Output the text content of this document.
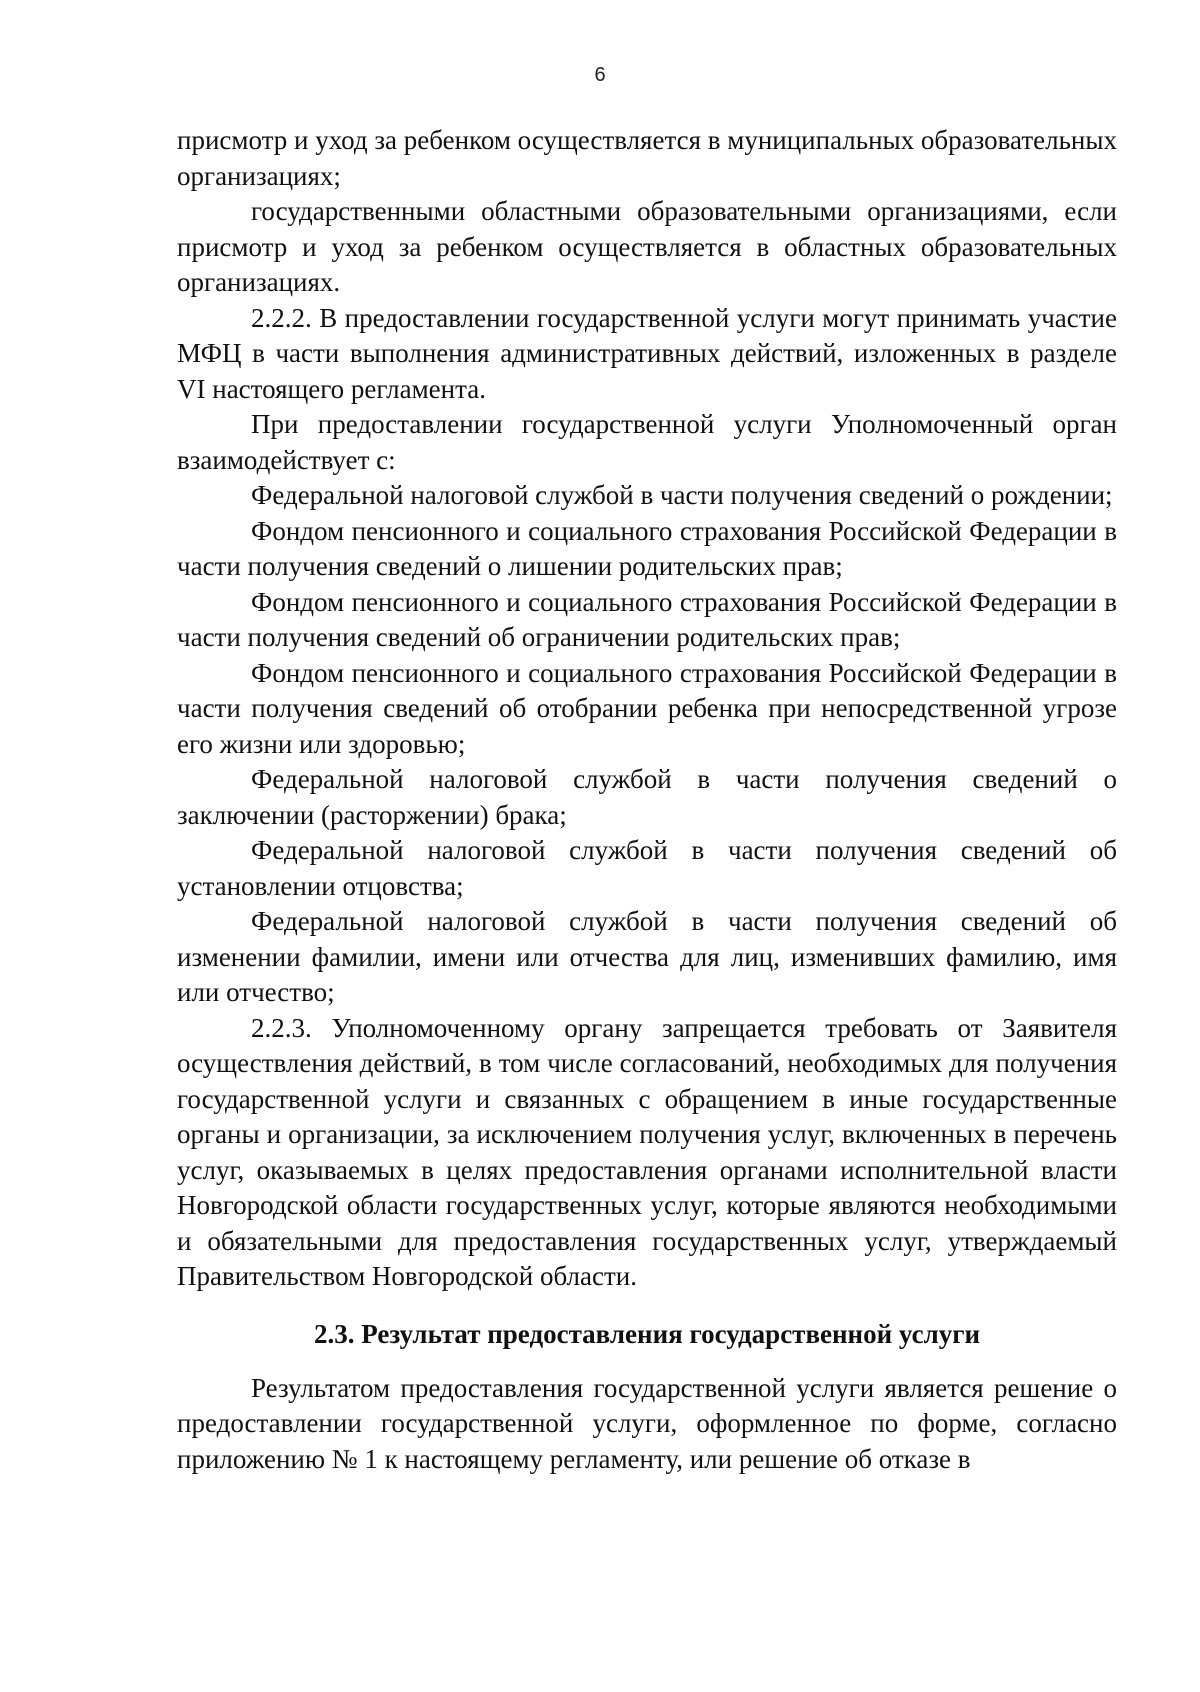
6

присмотр и уход за ребенком осуществляется в муниципальных образовательных организациях;

государственными областными образовательными организациями, если присмотр и уход за ребенком осуществляется в областных образовательных организациях.

2.2.2. В предоставлении государственной услуги могут принимать участие МФЦ в части выполнения административных действий, изложенных в разделе VI настоящего регламента.

При предоставлении государственной услуги Уполномоченный орган взаимодействует с:

Федеральной налоговой службой в части получения сведений о рождении;

Фондом пенсионного и социального страхования Российской Федерации в части получения сведений о лишении родительских прав;

Фондом пенсионного и социального страхования Российской Федерации в части получения сведений об ограничении родительских прав;

Фондом пенсионного и социального страхования Российской Федерации в части получения сведений об отобрании ребенка при непосредственной угрозе его жизни или здоровью;

Федеральной налоговой службой в части получения сведений о заключении (расторжении) брака;

Федеральной налоговой службой в части получения сведений об установлении отцовства;

Федеральной налоговой службой в части получения сведений об изменении фамилии, имени или отчества для лиц, изменивших фамилию, имя или отчество;

2.2.3. Уполномоченному органу запрещается требовать от Заявителя осуществления действий, в том числе согласований, необходимых для получения государственной услуги и связанных с обращением в иные государственные органы и организации, за исключением получения услуг, включенных в перечень услуг, оказываемых в целях предоставления органами исполнительной власти Новгородской области государственных услуг, которые являются необходимыми и обязательными для предоставления государственных услуг, утверждаемый Правительством Новгородской области.

2.3. Результат предоставления государственной услуги

Результатом предоставления государственной услуги является решение о предоставлении государственной услуги, оформленное по форме, согласно приложению № 1 к настоящему регламенту, или решение об отказе в
